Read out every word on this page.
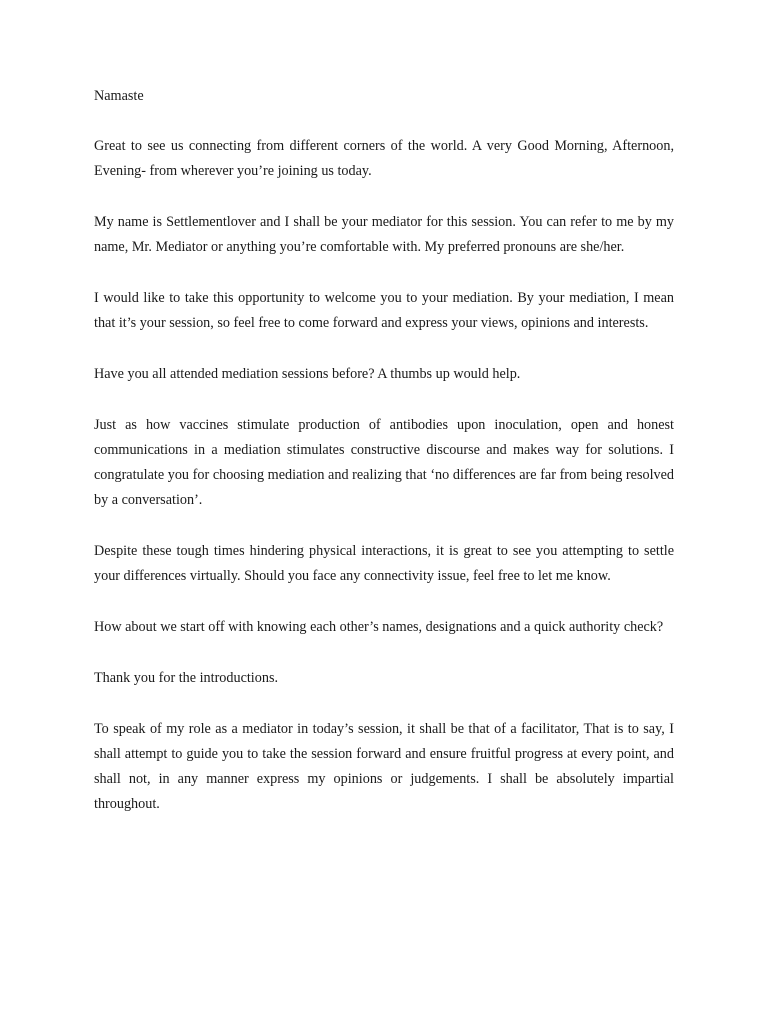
Namaste

Great to see us connecting from different corners of the world. A very Good Morning, Afternoon, Evening- from wherever you’re joining us today.

My name is Settlementlover and I shall be your mediator for this session. You can refer to me by my name, Mr. Mediator or anything you’re comfortable with. My preferred pronouns are she/her.

I would like to take this opportunity to welcome you to your mediation. By your mediation, I mean that it’s your session, so feel free to come forward and express your views, opinions and interests.

Have you all attended mediation sessions before? A thumbs up would help.

Just as how vaccines stimulate production of antibodies upon inoculation, open and honest communications in a mediation stimulates constructive discourse and makes way for solutions. I congratulate you for choosing mediation and realizing that ‘no differences are far from being resolved by a conversation’.

Despite these tough times hindering physical interactions, it is great to see you attempting to settle your differences virtually. Should you face any connectivity issue, feel free to let me know.

How about we start off with knowing each other’s names, designations and a quick authority check?

Thank you for the introductions.

To speak of my role as a mediator in today’s session, it shall be that of a facilitator, That is to say, I shall attempt to guide you to take the session forward and ensure fruitful progress at every point, and shall not, in any manner express my opinions or judgements. I shall be absolutely impartial throughout.
